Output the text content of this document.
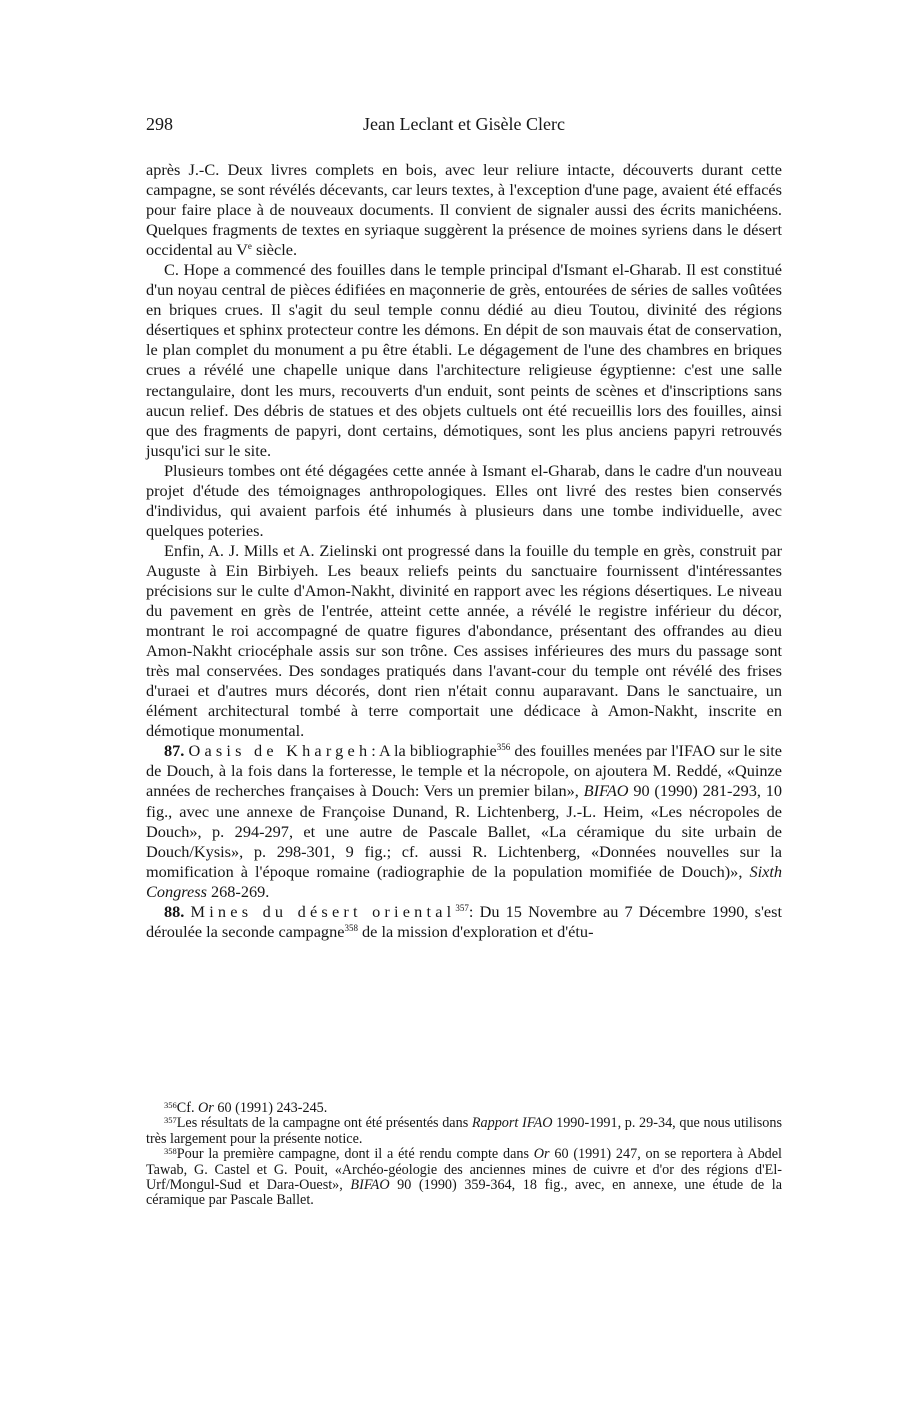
298	Jean Leclant et Gisèle Clerc

après J.-C. Deux livres complets en bois, avec leur reliure intacte, découverts durant cette campagne, se sont révélés décevants, car leurs textes, à l'exception d'une page, avaient été effacés pour faire place à de nouveaux documents. Il convient de signaler aussi des écrits manichéens. Quelques fragments de textes en syriaque suggèrent la présence de moines syriens dans le désert occidental au Ve siècle.

C. Hope a commencé des fouilles dans le temple principal d'Ismant el-Gharab. Il est constitué d'un noyau central de pièces édifiées en maçonnerie de grès, entourées de séries de salles voûtées en briques crues. Il s'agit du seul temple connu dédié au dieu Toutou, divinité des régions désertiques et sphinx protecteur contre les démons. En dépit de son mauvais état de conservation, le plan complet du monument a pu être établi. Le dégagement de l'une des chambres en briques crues a révélé une chapelle unique dans l'architecture religieuse égyptienne: c'est une salle rectangulaire, dont les murs, recouverts d'un enduit, sont peints de scènes et d'inscriptions sans aucun relief. Des débris de statues et des objets cultuels ont été recueillis lors des fouilles, ainsi que des fragments de papyri, dont certains, démotiques, sont les plus anciens papyri retrouvés jusqu'ici sur le site.

Plusieurs tombes ont été dégagées cette année à Ismant el-Gharab, dans le cadre d'un nouveau projet d'étude des témoignages anthropologiques. Elles ont livré des restes bien conservés d'individus, qui avaient parfois été inhumés à plusieurs dans une tombe individuelle, avec quelques poteries.

Enfin, A. J. Mills et A. Zielinski ont progressé dans la fouille du temple en grès, construit par Auguste à Ein Birbiyeh. Les beaux reliefs peints du sanctuaire fournissent d'intéressantes précisions sur le culte d'Amon-Nakht, divinité en rapport avec les régions désertiques. Le niveau du pavement en grès de l'entrée, atteint cette année, a révélé le registre inférieur du décor, montrant le roi accompagné de quatre figures d'abondance, présentant des offrandes au dieu Amon-Nakht criocéphale assis sur son trône. Ces assises inférieures des murs du passage sont très mal conservées. Des sondages pratiqués dans l'avant-cour du temple ont révélé des frises d'uraei et d'autres murs décorés, dont rien n'était connu auparavant. Dans le sanctuaire, un élément architectural tombé à terre comportait une dédicace à Amon-Nakht, inscrite en démotique monumental.

87. Oasis de Khargeh: A la bibliographie$^{356}$ des fouilles menées par l'IFAO sur le site de Douch, à la fois dans la forteresse, le temple et la nécropole, on ajoutera M. Reddé, «Quinze années de recherches françaises à Douch: Vers un premier bilan», BIFAO 90 (1990) 281-293, 10 fig., avec une annexe de Françoise Dunand, R. Lichtenberg, J.-L. Heim, «Les nécropoles de Douch», p. 294-297, et une autre de Pascale Ballet, «La céramique du site urbain de Douch/Kysis», p. 298-301, 9 fig.; cf. aussi R. Lichtenberg, «Données nouvelles sur la momification à l'époque romaine (radiographie de la population momifiée de Douch)», Sixth Congress 268-269.

88. Mines du désert oriental$^{357}$: Du 15 Novembre au 7 Décembre 1990, s'est déroulée la seconde campagne$^{358}$ de la mission d'exploration et d'étu-

$^{356}$Cf. Or 60 (1991) 243-245.

$^{357}$Les résultats de la campagne ont été présentés dans Rapport IFAO 1990-1991, p. 29-34, que nous utilisons très largement pour la présente notice.

$^{358}$Pour la première campagne, dont il a été rendu compte dans Or 60 (1991) 247, on se reportera à Abdel Tawab, G. Castel et G. Pouit, «Archéo-géologie des anciennes mines de cuivre et d'or des régions d'El-Urf/Mongul-Sud et Dara-Ouest», BIFAO 90 (1990) 359-364, 18 fig., avec, en annexe, une étude de la céramique par Pascale Ballet.
